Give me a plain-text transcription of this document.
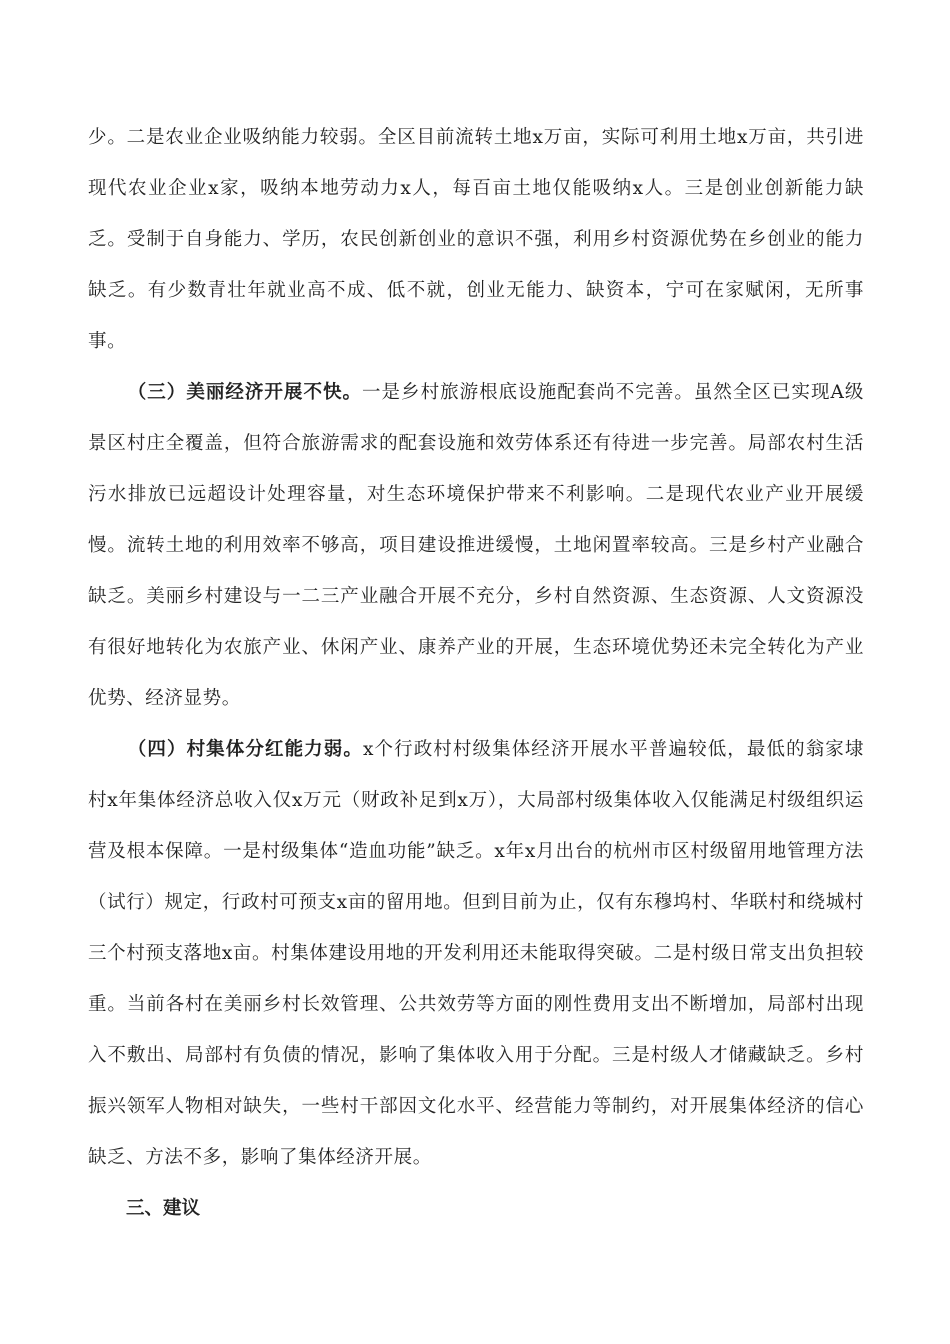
少。二是农业企业吸纳能力较弱。全区目前流转土地x万亩，实际可利用土地x万亩，共引进现代农业企业x家，吸纳本地劳动力x人，每百亩土地仅能吸纳x人。三是创业创新能力缺乏。受制于自身能力、学历，农民创新创业的意识不强，利用乡村资源优势在乡创业的能力缺乏。有少数青壮年就业高不成、低不就，创业无能力、缺资本，宁可在家赋闲，无所事事。

（三）美丽经济开展不快。一是乡村旅游根底设施配套尚不完善。虽然全区已实现A级景区村庄全覆盖，但符合旅游需求的配套设施和效劳体系还有待进一步完善。局部农村生活污水排放已远超设计处理容量，对生态环境保护带来不利影响。二是现代农业产业开展缓慢。流转土地的利用效率不够高，项目建设推进缓慢，土地闲置率较高。三是乡村产业融合缺乏。美丽乡村建设与一二三产业融合开展不充分，乡村自然资源、生态资源、人文资源没有很好地转化为农旅产业、休闲产业、康养产业的开展，生态环境优势还未完全转化为产业优势、经济显势。

（四）村集体分红能力弱。x个行政村村级集体经济开展水平普遍较低，最低的翁家埭村x年集体经济总收入仅x万元（财政补足到x万），大局部村级集体收入仅能满足村级组织运营及根本保障。一是村级集体“造血功能”缺乏。x年x月出台的杭州市区村级留用地管理方法（试行）规定，行政村可预支x亩的留用地。但到目前为止，仅有东穆坞村、华联村和绕城村三个村预支落地x亩。村集体建设用地的开发利用还未能取得突破。二是村级日常支出负担较重。当前各村在美丽乡村长效管理、公共效劳等方面的刚性费用支出不断增加，局部村出现入不敷出、局部村有负债的情况，影响了集体收入用于分配。三是村级人才储藏缺乏。乡村振兴领军人物相对缺失，一些村干部因文化水平、经营能力等制约，对开展集体经济的信心缺乏、方法不多，影响了集体经济开展。

三、建议
